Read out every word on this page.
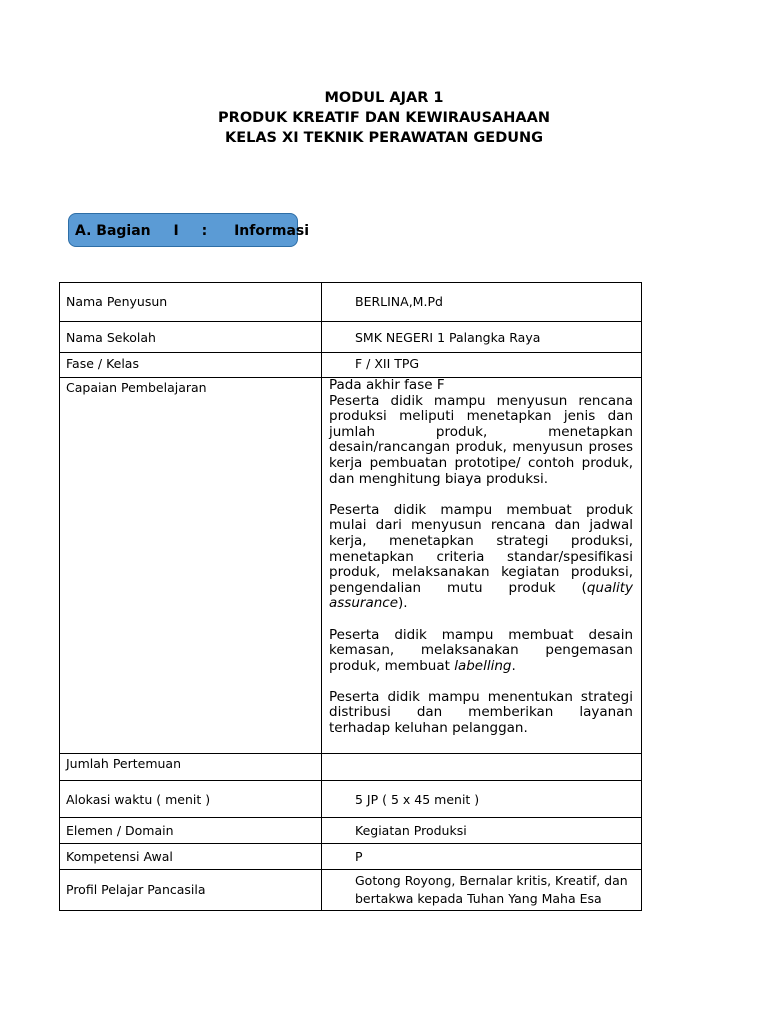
MODUL AJAR 1
PRODUK KREATIF DAN KEWIRAUSAHAAN
KELAS XI TEKNIK PERAWATAN GEDUNG
A. Bagian I : Informasi
Nama Penyusun	BERLINA,M.Pd
Nama Sekolah	SMK NEGERI 1 Palangka Raya
Fase / Kelas	F / XII TPG
Capaian Pembelajaran	Pada akhir fase F

Peserta didik mampu menyusun rencana produksi meliputi menetapkan jenis dan jumlah produk, menetapkan desain/rancangan produk, menyusun proses kerja pembuatan prototipe/ contoh produk, dan menghitung biaya produksi.

Peserta didik mampu membuat produk mulai dari menyusun rencana dan jadwal kerja, menetapkan strategi produksi, menetapkan criteria standar/spesifikasi produk, melaksanakan kegiatan produksi, pengendalian mutu produk (quality assurance).

Peserta didik mampu membuat desain kemasan, melaksanakan pengemasan produk, membuat labelling.

Peserta didik mampu menentukan strategi distribusi dan memberikan layanan terhadap keluhan pelanggan.

Jumlah Pertemuan	
Alokasi waktu ( menit )	5 JP ( 5 x 45 menit )
Elemen / Domain	Kegiatan Produksi
Kompetensi Awal	P
Profil Pelajar Pancasila	Gotong Royong, Bernalar kritis, Kreatif, dan bertakwa kepada Tuhan Yang Maha Esa
